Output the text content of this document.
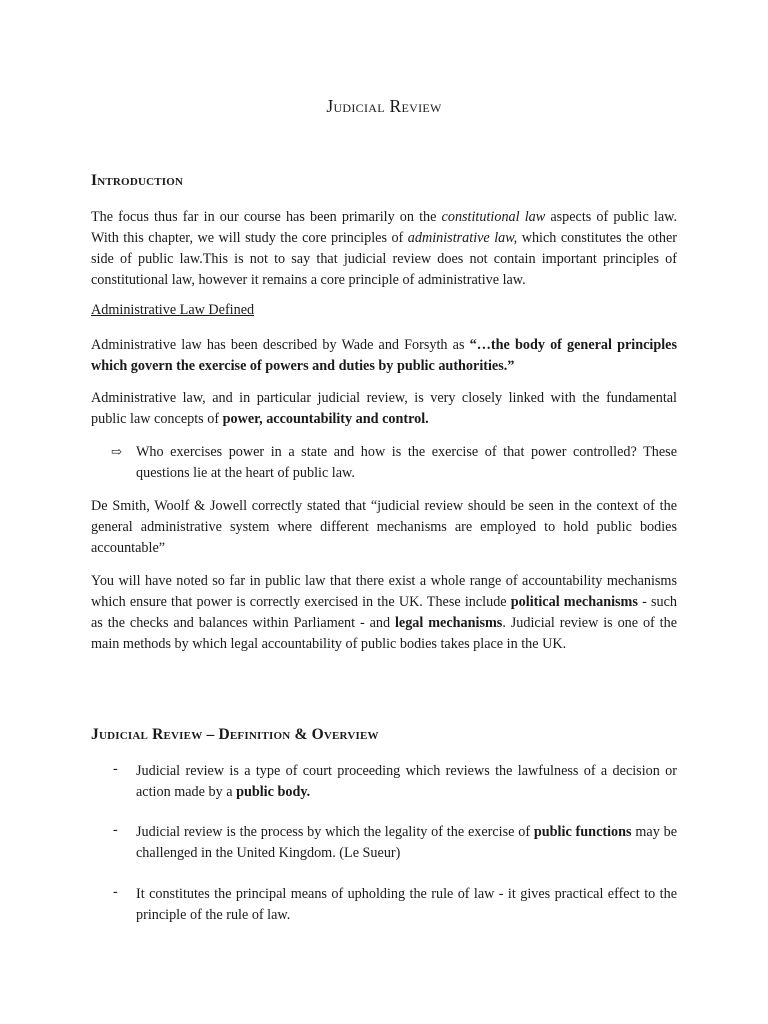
Judicial Review
Introduction

The focus thus far in our course has been primarily on the constitutional law aspects of public law. With this chapter, we will study the core principles of administrative law, which constitutes the other side of public law.This is not to say that judicial review does not contain important principles of constitutional law, however it remains a core principle of administrative law.

Administrative Law Defined

Administrative law has been described by Wade and Forsyth as “…the body of general principles which govern the exercise of powers and duties by public authorities.”

Administrative law, and in particular judicial review, is very closely linked with the fundamental public law concepts of power, accountability and control.

⇨ Who exercises power in a state and how is the exercise of that power controlled? These questions lie at the heart of public law.

De Smith, Woolf & Jowell correctly stated that “judicial review should be seen in the context of the general administrative system where different mechanisms are employed to hold public bodies accountable”

You will have noted so far in public law that there exist a whole range of accountability mechanisms which ensure that power is correctly exercised in the UK. These include political mechanisms - such as the checks and balances within Parliament - and legal mechanisms. Judicial review is one of the main methods by which legal accountability of public bodies takes place in the UK.

Judicial Review – Definition & Overview
- Judicial review is a type of court proceeding which reviews the lawfulness of a decision or action made by a public body.

- Judicial review is the process by which the legality of the exercise of public functions may be challenged in the United Kingdom. (Le Sueur)

- It constitutes the principal means of upholding the rule of law - it gives practical effect to the principle of the rule of law.
